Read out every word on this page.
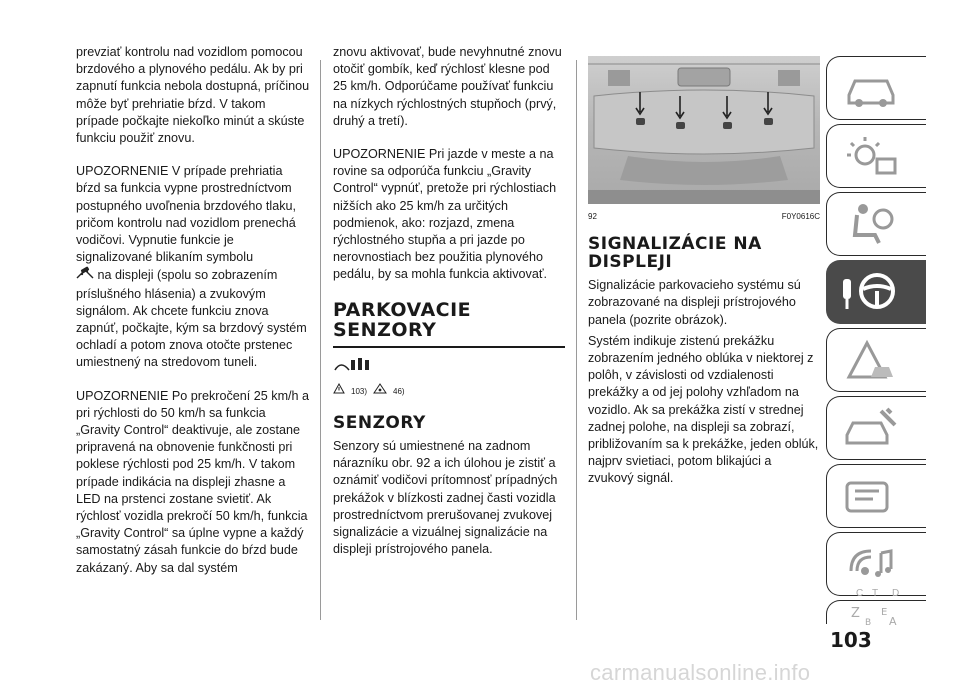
prevziať kontrolu nad vozidlom pomocou brzdového a plynového pedálu. Ak by pri zapnutí funkcia nebola dostupná, príčinou môže byť prehriatie bŕzd. V takom prípade počkajte niekoľko minút a skúste funkciu použiť znovu.

UPOZORNENIE V prípade prehriatia bŕzd sa funkcia vypne prostredníctvom postupného uvoľnenia brzdového tlaku, pričom kontrolu nad vozidlom prenechá vodičovi. Vypnutie funkcie je signalizované blikaním symbolu
na displeji (spolu so zobrazením príslušného hlásenia) a zvukovým signálom. Ak chcete funkciu znova zapnúť, počkajte, kým sa brzdový systém ochladí a potom znova otočte prstenec umiestnený na stredovom tuneli.

UPOZORNENIE Po prekročení 25 km/h a pri rýchlosti do 50 km/h sa funkcia „Gravity Control“ deaktivuje, ale zostane pripravená na obnovenie funkčnosti pri poklese rýchlosti pod 25 km/h. V takom prípade indikácia na displeji zhasne a LED na prstenci zostane svietiť. Ak rýchlosť vozidla prekročí 50 km/h, funkcia „Gravity Control“ sa úplne vypne a každý samostatný zásah funkcie do bŕzd bude zakázaný. Aby sa dal systém

znovu aktivovať, bude nevyhnutné znovu otočiť gombík, keď rýchlosť klesne pod 25 km/h. Odporúčame používať funkciu na nízkych rýchlostných stupňoch (prvý, druhý a tretí).

UPOZORNENIE Pri jazde v meste a na rovine sa odporúča funkciu „Gravity Control“ vypnúť, pretože pri rýchlostiach nižších ako 25 km/h za určitých podmienok, ako: rozjazd, zmena rýchlostného stupňa a pri jazde po nerovnostiach bez použitia plynového pedálu, by sa mohla funkcia aktivovať.

PARKOVACIE SENZORY
103)	46)
SENZORY

Senzory sú umiestnené na zadnom nárazníku obr. 92 a ich úlohou je zistiť a oznámiť vodičovi prítomnosť prípadných prekážok v blízkosti zadnej časti vozidla prostredníctvom prerušovanej zvukovej signalizácie a vizuálnej signalizácie na displeji prístrojového panela.

92	F0Y0616C
SIGNALIZÁCIE NA DISPLEJI

Signalizácie parkovacieho systému sú zobrazované na displeji prístrojového panela (pozrite obrázok).

Systém indikuje zistenú prekážku zobrazením jedného oblúka v niektorej z polôh, v závislosti od vzdialenosti prekážky a od jej polohy vzhľadom na vozidlo. Ak sa prekážka zistí v strednej zadnej polohe, na displeji sa zobrazí, približovaním sa k prekážke, jeden oblúk, najprv svietiaci, potom blikajúci a zvukový signál.

Z E
B A
C T D
103
carmanualsonline.info
